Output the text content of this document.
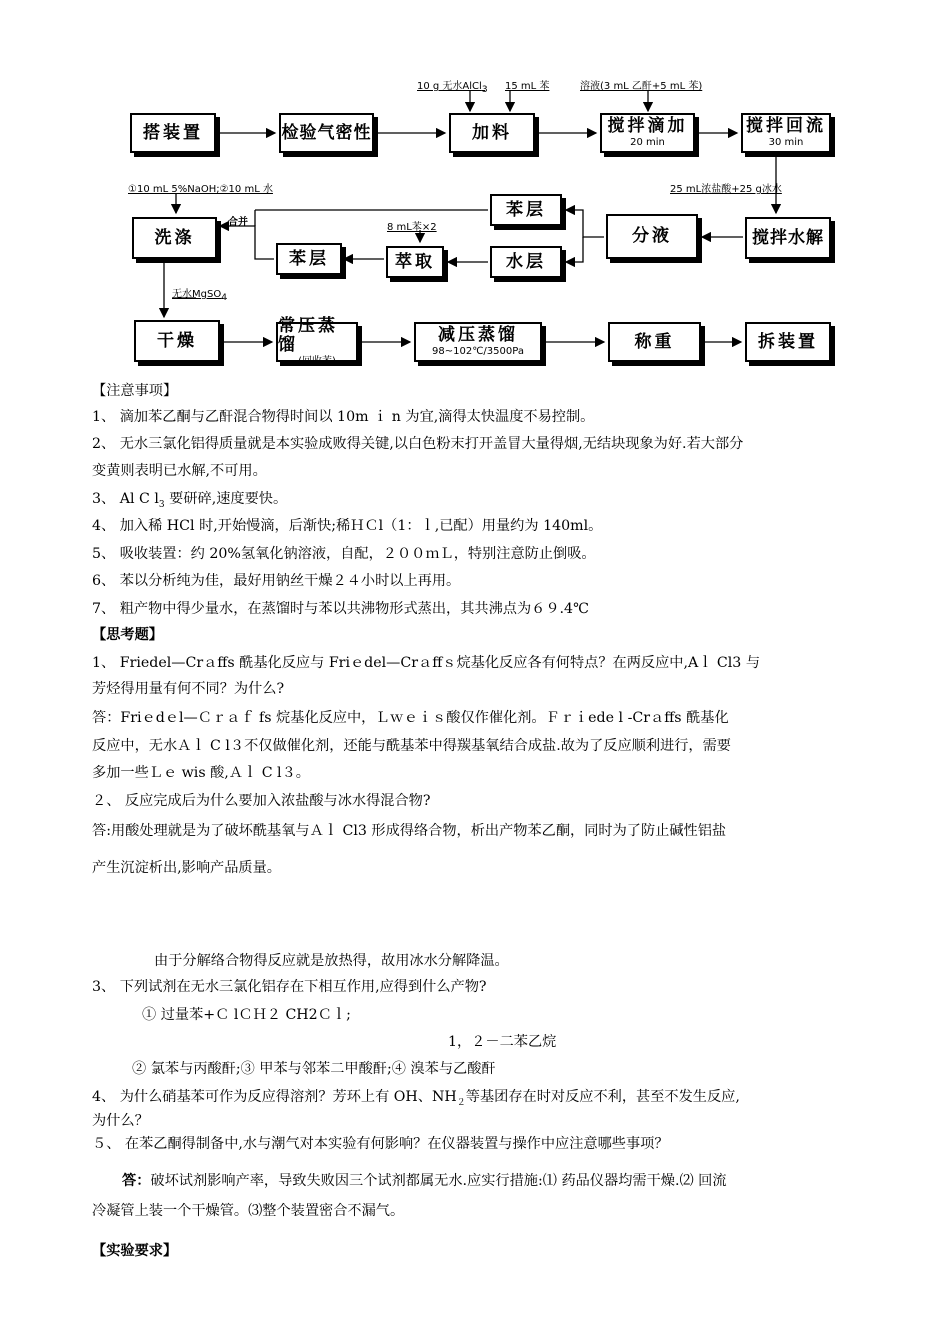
搭装置	检验气密性	加料	搅拌滴加
20 min
搅拌回流
30 min
洗涤
苯层
分液	搅拌水解
苯层	萃取	水层
干燥
常压蒸馏
(回收苯)
减压蒸馏
98~102℃/3500Pa	称重	拆装置
10 g 无水AlCl$_3$ 15 mL 苯	溶液(3 mL 乙酐+5 mL 苯)
25 mL浓盐酸+25 g冰水
①10 mL 5%NaOH;②10 mL 水
合并	8 mL苯×2
无水MgSO$_4$
【注意事项】
1、 滴加苯乙酮与乙酐混合物得时间以 10m ｉ n 为宜,滴得太快温度不易控制。
2、 无水三氯化铝得质量就是本实验成败得关键,以白色粉末打开盖冒大量得烟,无结块现象为好.若大部分
变黄则表明已水解,不可用。
3、 Al C $l_3$ 要研碎,速度要快。
4、 加入稀 HCl 时,开始慢滴，后渐快;稀ＨＣl（1：ｌ,已配）用量约为 140ml。
5、 吸收装置：约 20%氢氧化钠溶液，自配，２００ｍＬ，特别注意防止倒吸。
6、 苯以分析纯为佳，最好用钠丝干燥２４小时以上再用。
7、 粗产物中得少量水，在蒸馏时与苯以共沸物形式蒸出，其共沸点为６９.4℃
【思考题】
1、 Friedel—Crａffs 酰基化反应与 Friｅdel—Crａffｓ烷基化反应各有何特点？在两反应中,Aｌ Cl3 与
芳烃得用量有何不同？为什么?
答：Friｅdｅl—Ｃｒａｆ fs 烷基化反应中，Ｌｗｅｉｓ酸仅作催化剂。Ｆｒｉede l -Crａffs 酰基化
反应中，无水Ａｌ C l３不仅做催化剂，还能与酰基苯中得羰基氧结合成盐.故为了反应顺利进行，需要
多加一些Ｌｅ wis 酸,Ａｌ C l３。
２、 反应完成后为什么要加入浓盐酸与冰水得混合物?
答:用酸处理就是为了破坏酰基氧与Ａｌ Cl3 形成得络合物，析出产物苯乙酮，同时为了防止碱性铝盐
产生沉淀析出,影响产品质量。
由于分解络合物得反应就是放热得，故用冰水分解降温。
3、 下列试剂在无水三氯化铝存在下相互作用,应得到什么产物?
① 过量苯+Ｃ lＣＨ２ CH2Ｃｌ;
1，２－二苯乙烷
② 氯苯与丙酸酐;③ 甲苯与邻苯二甲酸酐;④ 溴苯与乙酸酐
4、 为什么硝基苯可作为反应得溶剂？芳环上有 OH、$NH_2$等基团存在时对反应不利，甚至不发生反应,
为什么？
５、 在苯乙酮得制备中,水与潮气对本实验有何影响？在仪器装置与操作中应注意哪些事项？
答：破坏试剂影响产率，导致失败因三个试剂都属无水.应实行措施:⑴ 药品仪器均需干燥.⑵ 回流
冷凝管上装一个干燥管。⑶整个装置密合不漏气。
【实验要求】
